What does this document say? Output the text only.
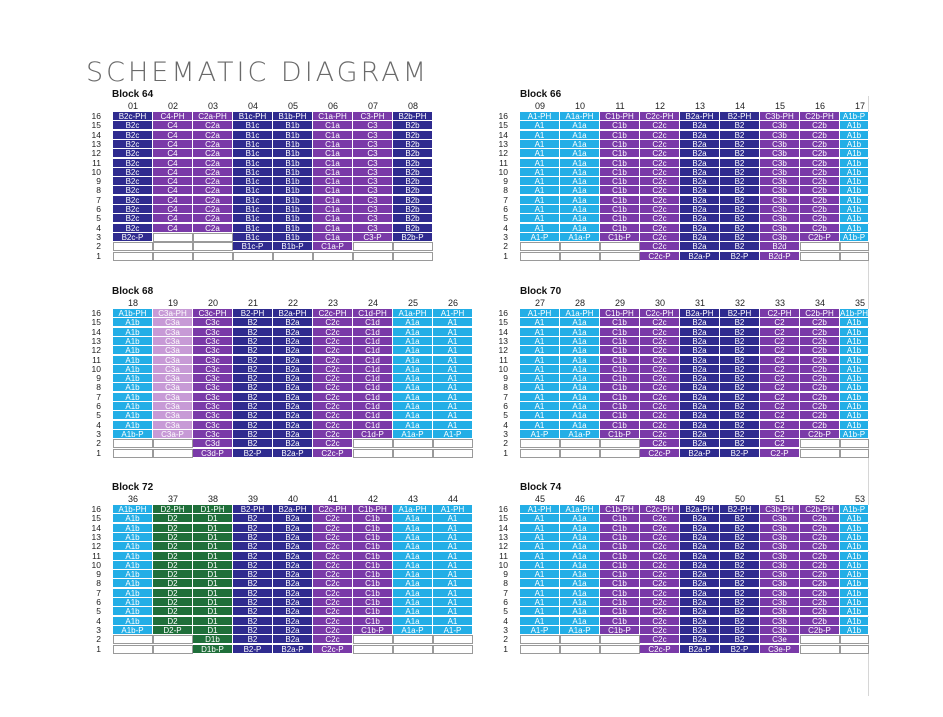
SCHEMATIC DIAGRAM
Block 64
16
15
14
13
12
11
10
9
8
7
6
5
4
3
2
1
01
B2c-PH
B2c
B2c
B2c
B2c
B2c
B2c
B2c
B2c
B2c
B2c
B2c
B2c
B2c-P
02
C4-PH
C4
C4
C4
C4
C4
C4
C4
C4
C4
C4
C4
C4
03
C2a-PH
C2a
C2a
C2a
C2a
C2a
C2a
C2a
C2a
C2a
C2a
C2a
C2a
04
B1c-PH
B1c
B1c
B1c
B1c
B1c
B1c
B1c
B1c
B1c
B1c
B1c
B1c
B1c
B1c-P
05
B1b-PH
B1b
B1b
B1b
B1b
B1b
B1b
B1b
B1b
B1b
B1b
B1b
B1b
B1b
B1b-P
06
C1a-PH
C1a
C1a
C1a
C1a
C1a
C1a
C1a
C1a
C1a
C1a
C1a
C1a
C1a
C1a-P
07
C3-PH
C3
C3
C3
C3
C3
C3
C3
C3
C3
C3
C3
C3
C3-P
08
B2b-PH
B2b
B2b
B2b
B2b
B2b
B2b
B2b
B2b
B2b
B2b
B2b
B2b
B2b-P
Block 66
16
15
14
13
12
11
10
9
8
7
6
5
4
3
2
1
09
A1-PH
A1
A1
A1
A1
A1
A1
A1
A1
A1
A1
A1
A1
A1-P
10
A1a-PH
A1a
A1a
A1a
A1a
A1a
A1a
A1a
A1a
A1a
A1a
A1a
A1a
A1a-P
11
C1b-PH
C1b
C1b
C1b
C1b
C1b
C1b
C1b
C1b
C1b
C1b
C1b
C1b
C1b-P
12
C2c-PH
C2c
C2c
C2c
C2c
C2c
C2c
C2c
C2c
C2c
C2c
C2c
C2c
C2c
C2c
C2c-P
13
B2a-PH
B2a
B2a
B2a
B2a
B2a
B2a
B2a
B2a
B2a
B2a
B2a
B2a
B2a
B2a
B2a-P
14
B2-PH
B2
B2
B2
B2
B2
B2
B2
B2
B2
B2
B2
B2
B2
B2
B2-P
15
C3b-PH
C3b
C3b
C3b
C3b
C3b
C3b
C3b
C3b
C3b
C3b
C3b
C3b
C3b
B2d
B2d-P
16
C2b-PH
C2b
C2b
C2b
C2b
C2b
C2b
C2b
C2b
C2b
C2b
C2b
C2b
C2b-P
17
A1b-P
A1b
A1b
A1b
A1b
A1b
A1b
A1b
A1b
A1b
A1b
A1b
A1b
A1b-P
Block 68
16
15
14
13
12
11
10
9
8
7
6
5
4
3
2
1
18
A1b-PH
A1b
A1b
A1b
A1b
A1b
A1b
A1b
A1b
A1b
A1b
A1b
A1b
A1b-P
19
C3a-PH
C3a
C3a
C3a
C3a
C3a
C3a
C3a
C3a
C3a
C3a
C3a
C3a
C3a-P
20
C3c-PH
C3c
C3c
C3c
C3c
C3c
C3c
C3c
C3c
C3c
C3c
C3c
C3c
C3c
C3d
C3d-P
21
B2-PH
B2
B2
B2
B2
B2
B2
B2
B2
B2
B2
B2
B2
B2
B2
B2-P
22
B2a-PH
B2a
B2a
B2a
B2a
B2a
B2a
B2a
B2a
B2a
B2a
B2a
B2a
B2a
B2a
B2a-P
23
C2c-PH
C2c
C2c
C2c
C2c
C2c
C2c
C2c
C2c
C2c
C2c
C2c
C2c
C2c
C2c
C2c-P
24
C1d-PH
C1d
C1d
C1d
C1d
C1d
C1d
C1d
C1d
C1d
C1d
C1d
C1d
C1d-P
25
A1a-PH
A1a
A1a
A1a
A1a
A1a
A1a
A1a
A1a
A1a
A1a
A1a
A1a
A1a-P
26
A1-PH
A1
A1
A1
A1
A1
A1
A1
A1
A1
A1
A1
A1
A1-P
Block 70
16
15
14
13
12
11
10
9
8
7
6
5
4
3
2
1
27
A1-PH
A1
A1
A1
A1
A1
A1
A1
A1
A1
A1
A1
A1
A1-P
28
A1a-PH
A1a
A1a
A1a
A1a
A1a
A1a
A1a
A1a
A1a
A1a
A1a
A1a
A1a-P
29
C1b-PH
C1b
C1b
C1b
C1b
C1b
C1b
C1b
C1b
C1b
C1b
C1b
C1b
C1b-P
30
C2c-PH
C2c
C2c
C2c
C2c
C2c
C2c
C2c
C2c
C2c
C2c
C2c
C2c
C2c
C2c
C2c-P
31
B2a-PH
B2a
B2a
B2a
B2a
B2a
B2a
B2a
B2a
B2a
B2a
B2a
B2a
B2a
B2a
B2a-P
32
B2-PH
B2
B2
B2
B2
B2
B2
B2
B2
B2
B2
B2
B2
B2
B2
B2-P
33
C2-PH
C2
C2
C2
C2
C2
C2
C2
C2
C2
C2
C2
C2
C2
C2
C2-P
34
C2b-PH
C2b
C2b
C2b
C2b
C2b
C2b
C2b
C2b
C2b
C2b
C2b
C2b
C2b-P
35
A1b-PH
A1b
A1b
A1b
A1b
A1b
A1b
A1b
A1b
A1b
A1b
A1b
A1b
A1b-P
Block 72
16
15
14
13
12
11
10
9
8
7
6
5
4
3
2
1
36
A1b-PH
A1b
A1b
A1b
A1b
A1b
A1b
A1b
A1b
A1b
A1b
A1b
A1b
A1b-P
37
D2-PH
D2
D2
D2
D2
D2
D2
D2
D2
D2
D2
D2
D2
D2-P
38
D1-PH
D1
D1
D1
D1
D1
D1
D1
D1
D1
D1
D1
D1
D1
D1b
D1b-P
39
B2-PH
B2
B2
B2
B2
B2
B2
B2
B2
B2
B2
B2
B2
B2
B2
B2-P
40
B2a-PH
B2a
B2a
B2a
B2a
B2a
B2a
B2a
B2a
B2a
B2a
B2a
B2a
B2a
B2a
B2a-P
41
C2c-PH
C2c
C2c
C2c
C2c
C2c
C2c
C2c
C2c
C2c
C2c
C2c
C2c
C2c
C2c
C2c-P
42
C1b-PH
C1b
C1b
C1b
C1b
C1b
C1b
C1b
C1b
C1b
C1b
C1b
C1b
C1b-P
43
A1a-PH
A1a
A1a
A1a
A1a
A1a
A1a
A1a
A1a
A1a
A1a
A1a
A1a
A1a-P
44
A1-PH
A1
A1
A1
A1
A1
A1
A1
A1
A1
A1
A1
A1
A1-P
Block 74
16
15
14
13
12
11
10
9
8
7
6
5
4
3
2
1
45
A1-PH
A1
A1
A1
A1
A1
A1
A1
A1
A1
A1
A1
A1
A1-P
46
A1a-PH
A1a
A1a
A1a
A1a
A1a
A1a
A1a
A1a
A1a
A1a
A1a
A1a
A1a-P
47
C1b-PH
C1b
C1b
C1b
C1b
C1b
C1b
C1b
C1b
C1b
C1b
C1b
C1b
C1b-P
48
C2c-PH
C2c
C2c
C2c
C2c
C2c
C2c
C2c
C2c
C2c
C2c
C2c
C2c
C2c
C2c
C2c-P
49
B2a-PH
B2a
B2a
B2a
B2a
B2a
B2a
B2a
B2a
B2a
B2a
B2a
B2a
B2a
B2a
B2a-P
50
B2-PH
B2
B2
B2
B2
B2
B2
B2
B2
B2
B2
B2
B2
B2
B2
B2-P
51
C3b-PH
C3b
C3b
C3b
C3b
C3b
C3b
C3b
C3b
C3b
C3b
C3b
C3b
C3b
C3e
C3e-P
52
C2b-PH
C2b
C2b
C2b
C2b
C2b
C2b
C2b
C2b
C2b
C2b
C2b
C2b
C2b-P
53
A1b-P
A1b
A1b
A1b
A1b
A1b
A1b
A1b
A1b
A1b
A1b
A1b
A1b
A1b
